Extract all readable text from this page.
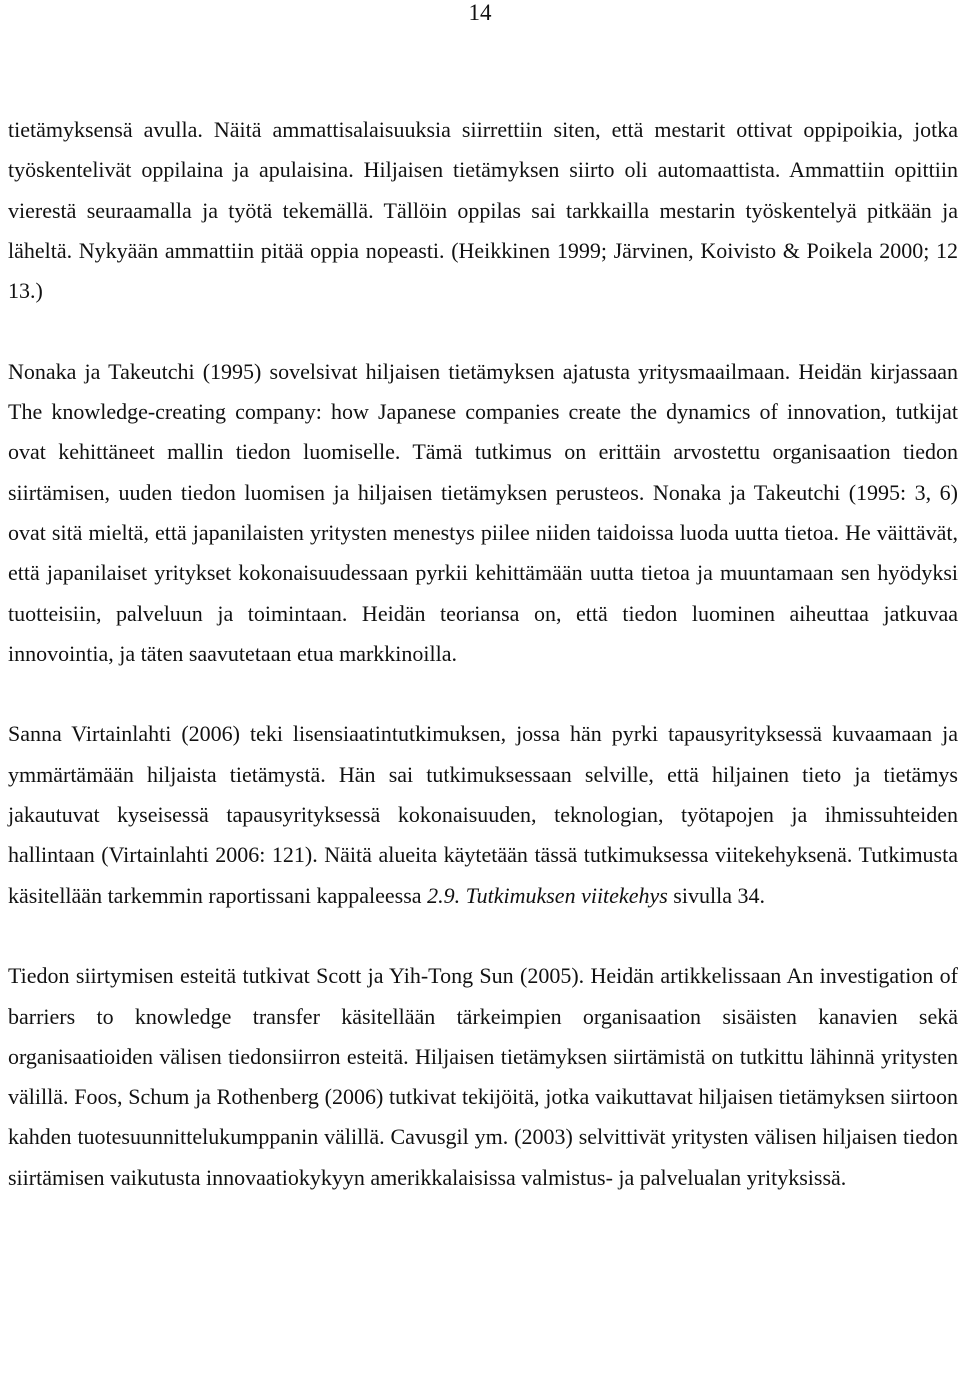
14

tietämyksensä avulla. Näitä ammattisalaisuuksia siirrettiin siten, että mestarit ottivat oppipoikia, jotka työskentelivät oppilaina ja apulaisina. Hiljaisen tietämyksen siirto oli automaattista. Ammattiin opittiin vierestä seuraamalla ja työtä tekemällä. Tällöin oppilas sai tarkkailla mestarin työskentelyä pitkään ja läheltä. Nykyään ammattiin pitää oppia nopeasti. (Heikkinen 1999; Järvinen, Koivisto & Poikela 2000; 12 13.)

Nonaka ja Takeutchi (1995) sovelsivat hiljaisen tietämyksen ajatusta yritysmaailmaan. Heidän kirjassaan The knowledge-creating company: how Japanese companies create the dynamics of innovation, tutkijat ovat kehittäneet mallin tiedon luomiselle. Tämä tutkimus on erittäin arvostettu organisaation tiedon siirtämisen, uuden tiedon luomisen ja hiljaisen tietämyksen perusteos. Nonaka ja Takeutchi (1995: 3, 6) ovat sitä mieltä, että japanilaisten yritysten menestys piilee niiden taidoissa luoda uutta tietoa. He väittävät, että japanilaiset yritykset kokonaisuudessaan pyrkii kehittämään uutta tietoa ja muuntamaan sen hyödyksi tuotteisiin, palveluun ja toimintaan. Heidän teoriansa on, että tiedon luominen aiheuttaa jatkuvaa innovointia, ja täten saavutetaan etua markkinoilla.

Sanna Virtainlahti (2006) teki lisensiaatintutkimuksen, jossa hän pyrki tapausyrityksessä kuvaamaan ja ymmärtämään hiljaista tietämystä. Hän sai tutkimuksessaan selville, että hiljainen tieto ja tietämys jakautuvat kyseisessä tapausyrityksessä kokonaisuuden, teknologian, työtapojen ja ihmissuhteiden hallintaan (Virtainlahti 2006: 121). Näitä alueita käytetään tässä tutkimuksessa viitekehyksenä. Tutkimusta käsitellään tarkemmin raportissani kappaleessa 2.9. Tutkimuksen viitekehys sivulla 34.

Tiedon siirtymisen esteitä tutkivat Scott ja Yih-Tong Sun (2005). Heidän artikkelissaan An investigation of barriers to knowledge transfer käsitellään tärkeimpien organisaation sisäisten kanavien sekä organisaatioiden välisen tiedonsiirron esteitä. Hiljaisen tietämyksen siirtämistä on tutkittu lähinnä yritysten välillä. Foos, Schum ja Rothenberg (2006) tutkivat tekijöitä, jotka vaikuttavat hiljaisen tietämyksen siirtoon kahden tuotesuunnittelukumppanin välillä. Cavusgil ym. (2003) selvittivät yritysten välisen hiljaisen tiedon siirtämisen vaikutusta innovaatiokykyyn amerikkalaisissa valmistus- ja palvelualan yrityksissä.
